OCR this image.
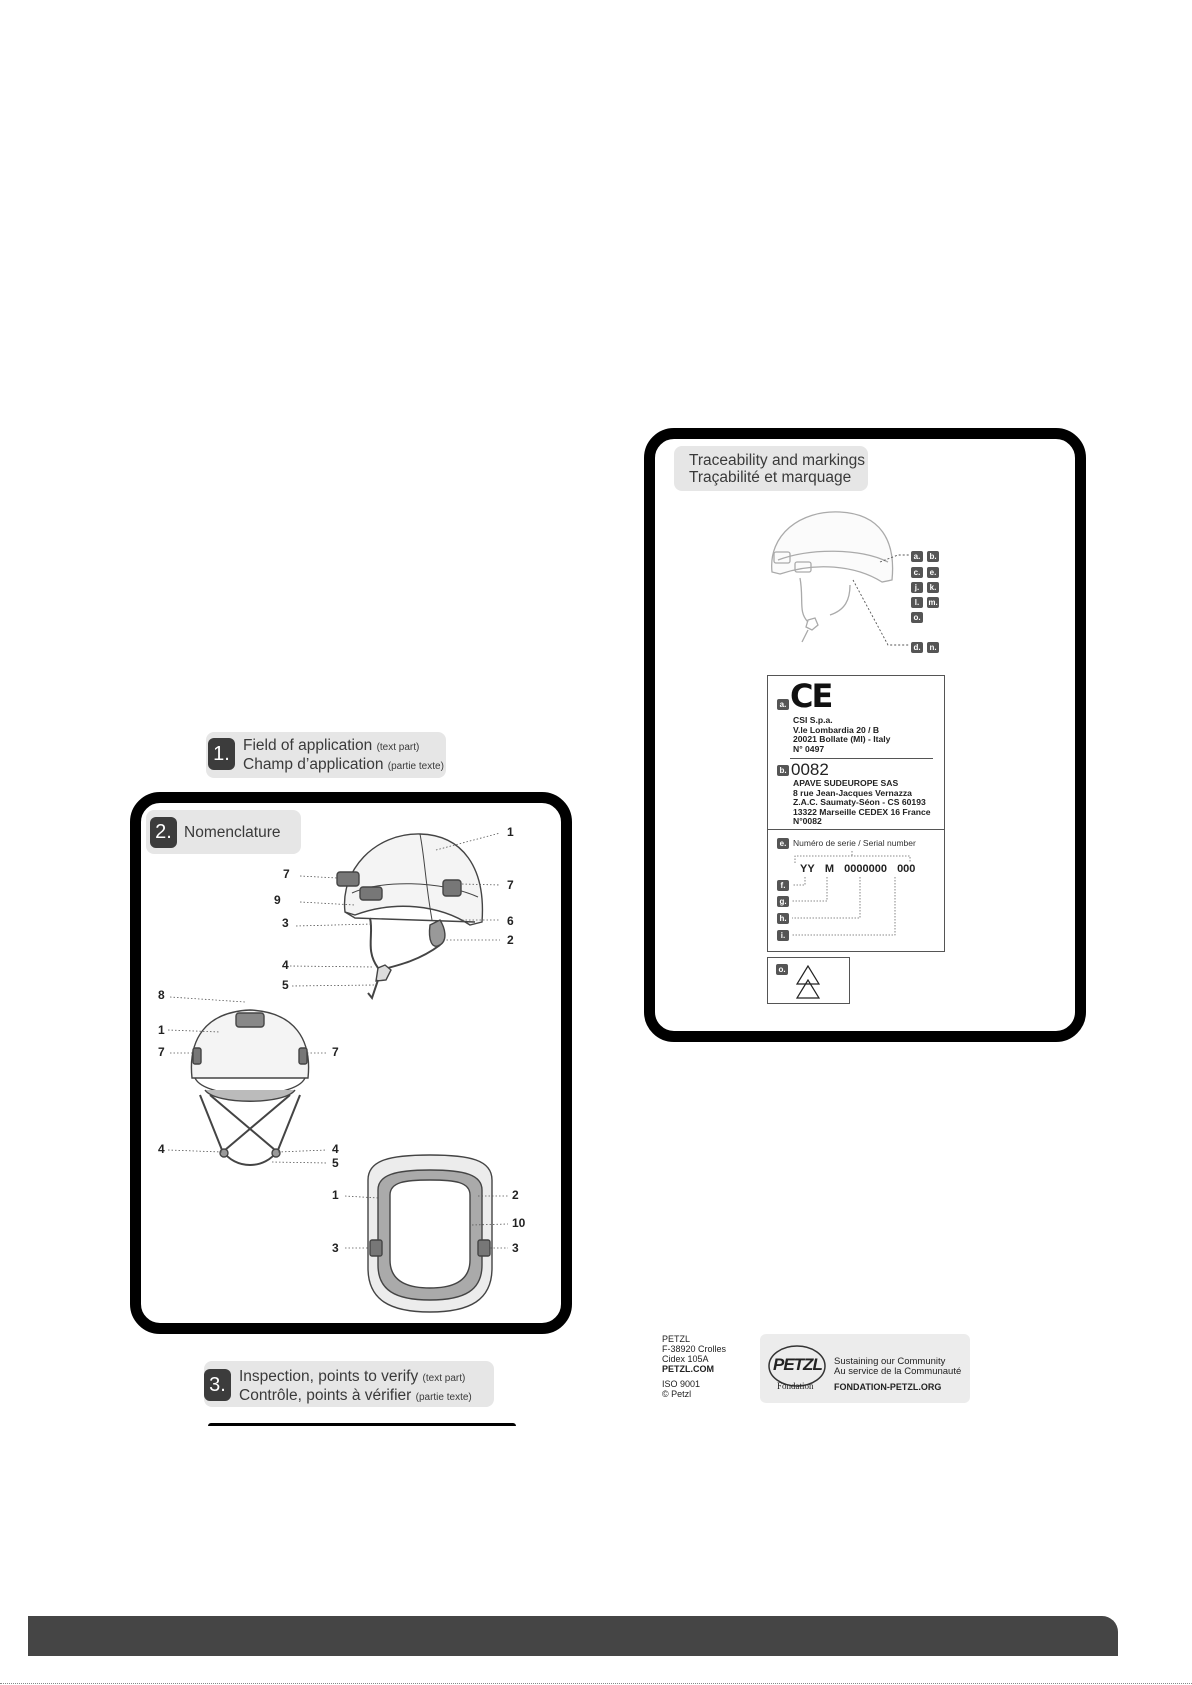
1. Field of application (text part)
Champ d’application (partie texte)
2. Nomenclature	1
7
7
9
3	6
2
4
5
8
1
7	7
4	4
5
1	2
10
3	3
3. Inspection, points to verify (text part)
Contrôle, points à vérifier (partie texte)
Traceability and markings
Traçabilité et marquage
a.	b.
c.	e.
j.	k.
l.	m.
o.
d.	n.
a. CE
CSI S.p.a.
V.le Lombardia 20 / B
20021 Bollate (MI) - Italy
N° 0497
b. 0082
APAVE SUDEUROPE SAS
8 rue Jean-Jacques Vernazza
Z.A.C. Saumaty-Séon - CS 60193
13322 Marseille CEDEX 16 France
N°0082
e. Numéro de serie / Serial number
YY M 0000000 000
f.
g.
h.
i.
o.
PETZL
F-38920 Crolles
Cidex 105A
PETZL.COM
ISO 9001
© Petzl
PETZL
Fondation
Sustaining our Community
Au service de la Communauté
FONDATION-PETZL.ORG
